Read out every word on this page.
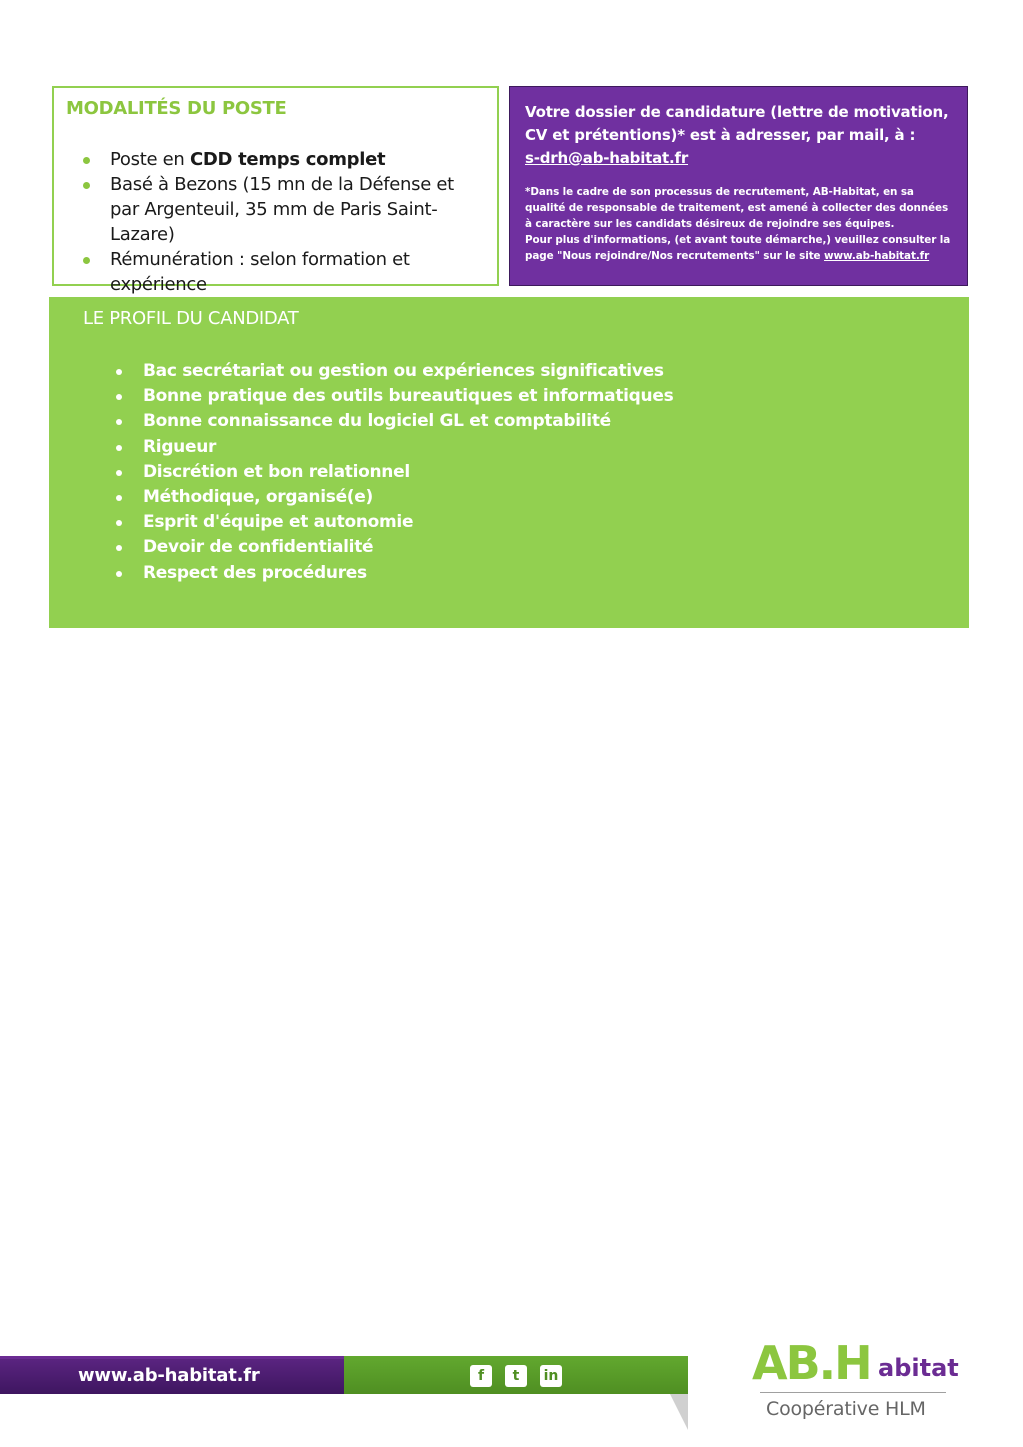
MODALITÉS DU POSTE
Poste en CDD temps complet
Basé à Bezons (15 mn de la Défense et par Argenteuil, 35 mm de Paris Saint-Lazare)
Rémunération : selon formation et expérience
Votre dossier de candidature (lettre de motivation, CV et prétentions)* est à adresser, par mail, à :
s-drh@ab-habitat.fr
*Dans le cadre de son processus de recrutement, AB-Habitat, en sa qualité de responsable de traitement, est amené à collecter des données à caractère sur les candidats désireux de rejoindre ses équipes.
Pour plus d'informations, (et avant toute démarche,) veuillez consulter la page "Nous rejoindre/Nos recrutements" sur le site www.ab-habitat.fr
LE PROFIL DU CANDIDAT
Bac secrétariat ou gestion ou expériences significatives
Bonne pratique des outils bureautiques et informatiques
Bonne connaissance du logiciel GL et comptabilité
Rigueur
Discrétion et bon relationnel
Méthodique, organisé(e)
Esprit d'équipe et autonomie
Devoir de confidentialité
Respect des procédures
www.ab-habitat.fr	f	t	in	AB.H abitat
Coopérative HLM
